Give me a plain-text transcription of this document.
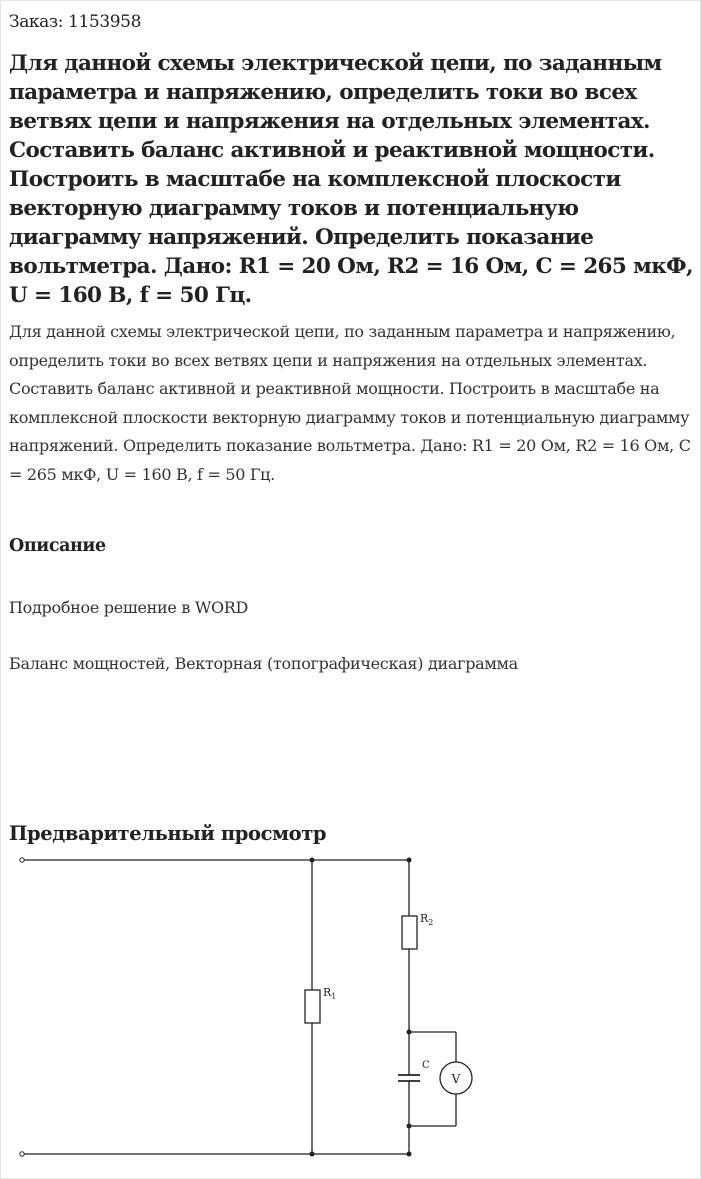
Заказ: 1153958
Для данной схемы электрической цепи, по заданным параметра и напряжению, определить токи во всех ветвях цепи и напряжения на отдельных элементах. Составить баланс активной и реактивной мощности. Построить в масштабе на комплексной плоскости векторную диаграмму токов и потенциальную диаграмму напряжений. Определить показание вольтметра. Дано: R1 = 20 Ом, R2 = 16 Ом, C = 265 мкФ, U = 160 В, f = 50 Гц.

Для данной схемы электрической цепи, по заданным параметра и напряжению, определить токи во всех ветвях цепи и напряжения на отдельных элементах. Составить баланс активной и реактивной мощности. Построить в масштабе на комплексной плоскости векторную диаграмму токов и потенциальную диаграмму напряжений. Определить показание вольтметра. Дано: R1 = 20 Ом, R2 = 16 Ом, C = 265 мкФ, U = 160 В, f = 50 Гц.

Описание

Подробное решение в WORD

Баланс мощностей, Векторная (топографическая) диаграмма

Предварительный просмотр
$R_1$
$R_2$
C
V
